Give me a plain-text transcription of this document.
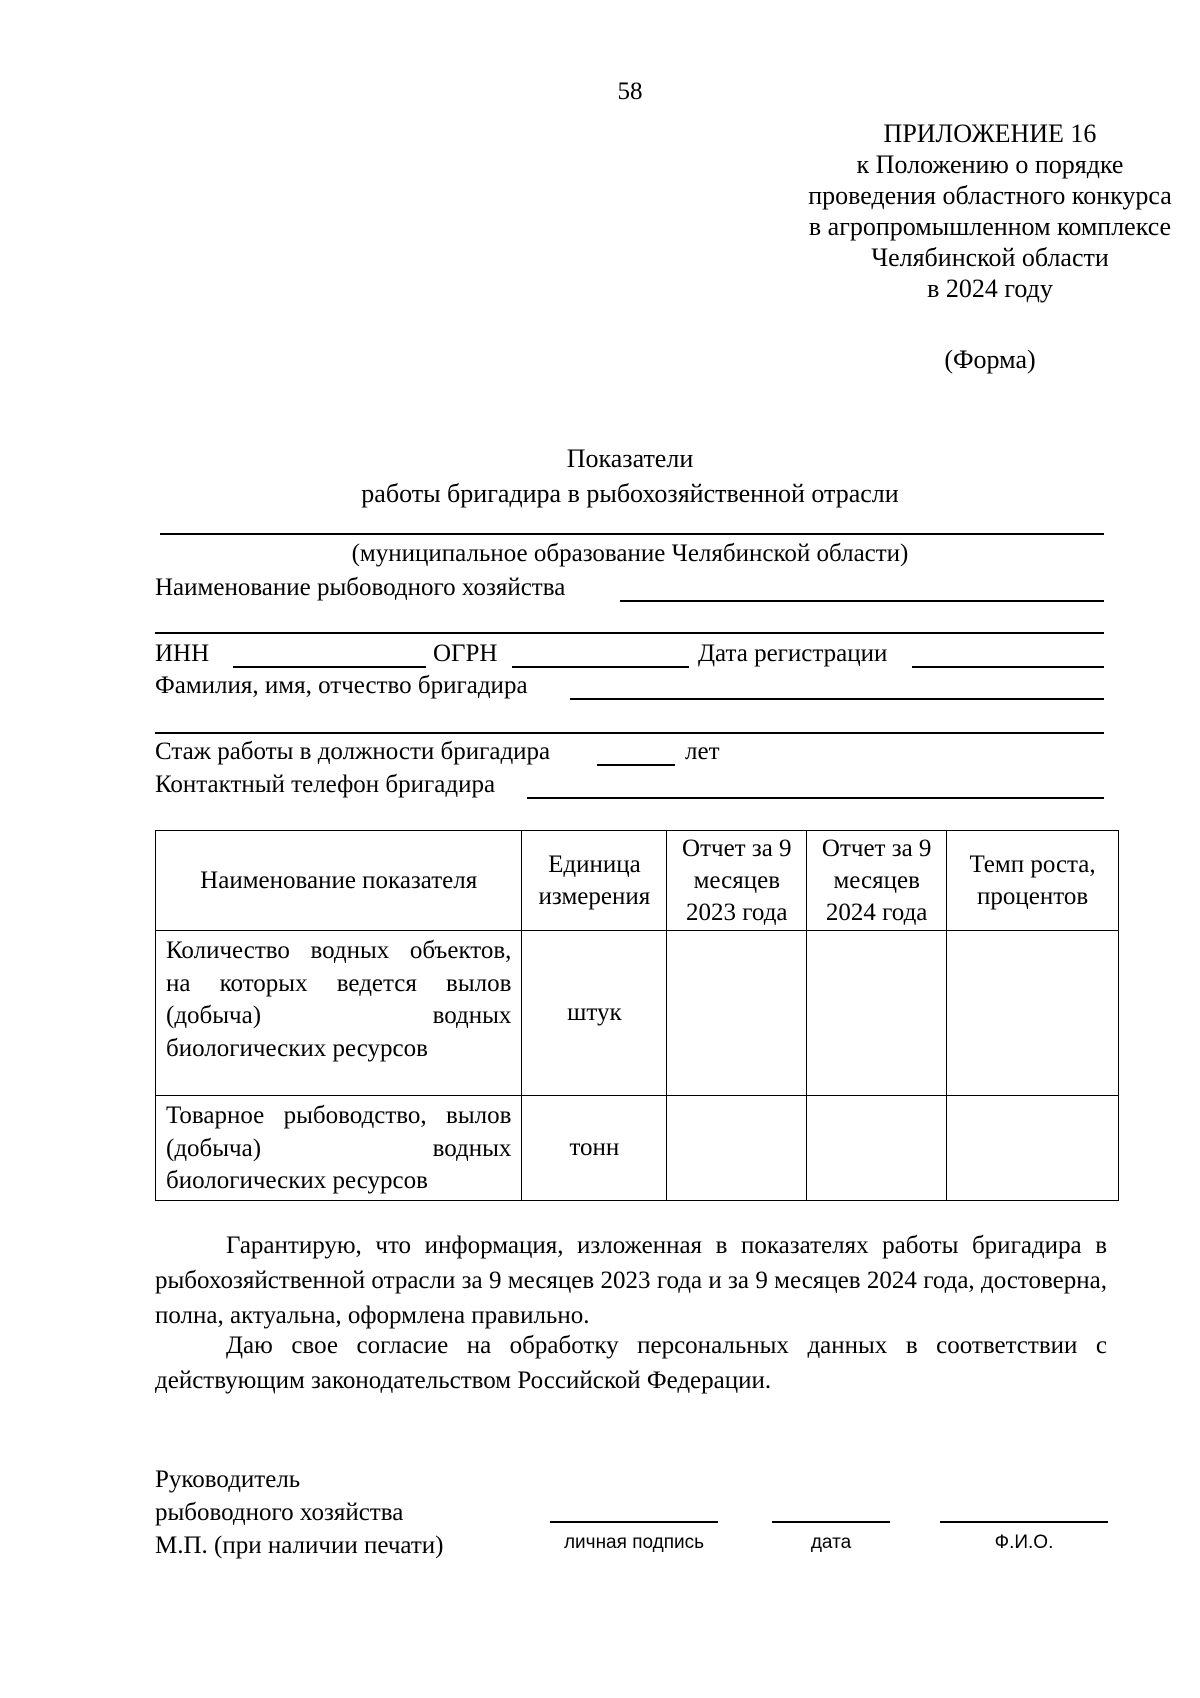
58
ПРИЛОЖЕНИЕ 16
к Положению о порядке
проведения областного конкурса
в агропромышленном комплексе
Челябинской области
в 2024 году
(Форма)
Показатели
работы бригадира в рыбохозяйственной отрасли
(муниципальное образование Челябинской области)
Наименование рыбоводного хозяйства
ИНН	ОГРН	Дата регистрации
Фамилия, имя, отчество бригадира
Стаж работы в должности бригадира	лет
Контактный телефон бригадира
Наименование показателя	Единица измерения	Отчет за 9 месяцев 2023 года	Отчет за 9 месяцев 2024 года	Темп роста, процентов
Количество водных объектов, на которых ведется вылов (добыча) водных биологических ресурсов	штук			
Товарное рыбоводство, вылов (добыча) водных биологических ресурсов	тонн			
Гарантирую, что информация, изложенная в показателях работы бригадира в рыбохозяйственной отрасли за 9 месяцев 2023 года и за 9 месяцев 2024 года, достоверна, полна, актуальна, оформлена правильно.
Даю свое согласие на обработку персональных данных в соответствии с действующим законодательством Российской Федерации.
Руководитель
рыбоводного хозяйства
М.П. (при наличии печати)	личная подпись	дата	Ф.И.О.
